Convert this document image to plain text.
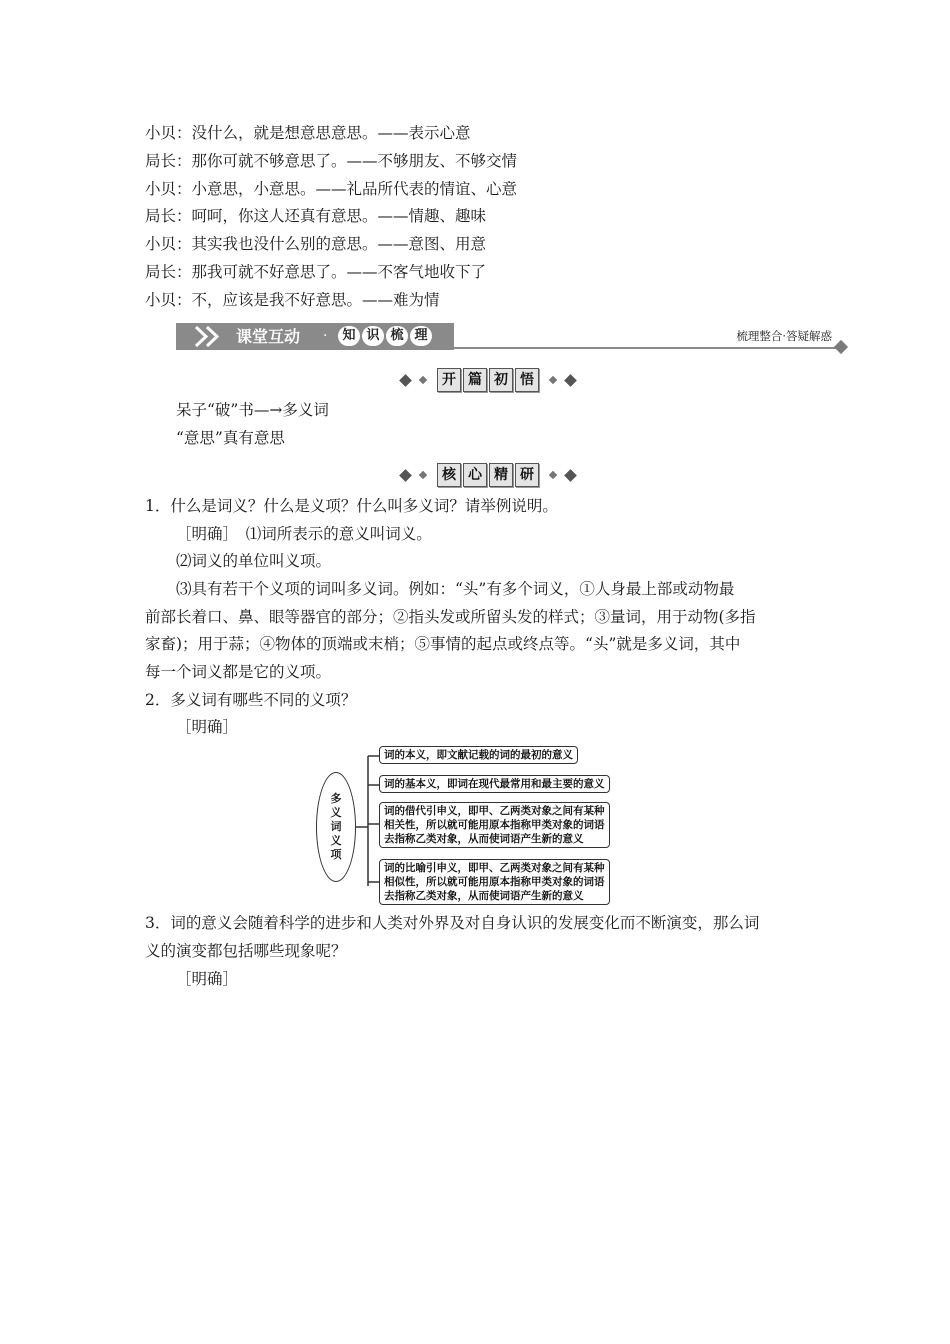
小贝：没什么，就是想意思意思。——表示心意
局长：那你可就不够意思了。——不够朋友、不够交情
小贝：小意思，小意思。——礼品所代表的情谊、心意
局长：呵呵，你这人还真有意思。——情趣、趣味
小贝：其实我也没什么别的意思。——意图、用意
局长：那我可就不好意思了。——不客气地收下了
小贝：不，应该是我不好意思。——难为情
课堂互动 ·	知 识 梳 理	梳理整合·答疑解惑
开 篇 初 悟
呆子“破”书—→多义词
“意思”真有意思
核 心 精 研
1．什么是词义？什么是义项？什么叫多义词？请举例说明。
［明确］　⑴词所表示的意义叫词义。
⑵词义的单位叫义项。
⑶具有若干个义项的词叫多义词。例如：“头”有多个词义，①人身最上部或动物最
前部长着口、鼻、眼等器官的部分；②指头发或所留头发的样式；③量词，用于动物(多指
家畜)；用于蒜；④物体的顶端或末梢；⑤事情的起点或终点等。“头”就是多义词，其中
每一个词义都是它的义项。
2．多义词有哪些不同的义项？
［明确］
多义词义项
词的本义，即文献记载的词的最初的意义
词的基本义，即词在现代最常用和最主要的意义
词的借代引申义，即甲、乙两类对象之间有某种
相关性，所以就可能用原本指称甲类对象的词语
去指称乙类对象，从而使词语产生新的意义
词的比喻引申义，即甲、乙两类对象之间有某种
相似性，所以就可能用原本指称甲类对象的词语
去指称乙类对象，从而使词语产生新的意义
3．词的意义会随着科学的进步和人类对外界及对自身认识的发展变化而不断演变，那么词
义的演变都包括哪些现象呢？
［明确］
